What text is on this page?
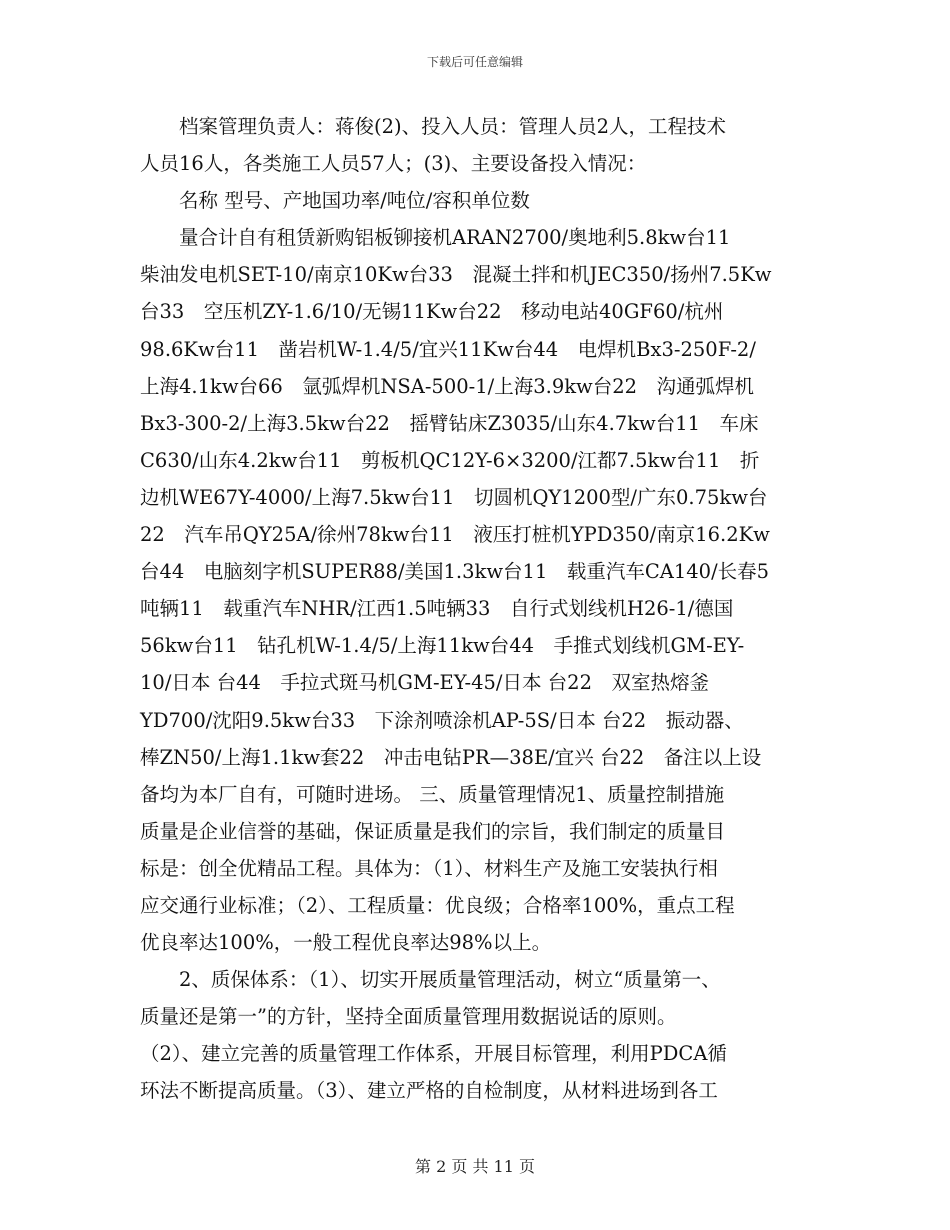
下载后可任意编辑
　　档案管理负责人：蒋俊(2)、投入人员：管理人员2人，工程技术
人员16人，各类施工人员57人；(3)、主要设备投入情况：
　　名称 型号、产地国功率/吨位/容积单位数
　　量合计自有租赁新购铝板铆接机ARAN2700/奥地利5.8kw台11
柴油发电机SET-10/南京10Kw台33　混凝土拌和机JEC350/扬州7.5Kw
台33　空压机ZY-1.6/10/无锡11Kw台22　移动电站40GF60/杭州
98.6Kw台11　凿岩机W-1.4/5/宜兴11Kw台44　电焊机Bx3-250F-2/
上海4.1kw台66　氩弧焊机NSA-500-1/上海3.9kw台22　沟通弧焊机
Bx3-300-2/上海3.5kw台22　摇臂钻床Z3035/山东4.7kw台11　车床
C630/山东4.2kw台11　剪板机QC12Y-6×3200/江都7.5kw台11　折
边机WE67Y-4000/上海7.5kw台11　切圆机QY1200型/广东0.75kw台
22　汽车吊QY25A/徐州78kw台11　液压打桩机YPD350/南京16.2Kw
台44　电脑刻字机SUPER88/美国1.3kw台11　载重汽车CA140/长春5
吨辆11　载重汽车NHR/江西1.5吨辆33　自行式划线机H26-1/德国
56kw台11　钻孔机W-1.4/5/上海11kw台44　手推式划线机GM-EY-
10/日本 台44　手拉式斑马机GM-EY-45/日本 台22　双室热熔釜
YD700/沈阳9.5kw台33　下涂剂喷涂机AP-5S/日本 台22　振动器、
棒ZN50/上海1.1kw套22　冲击电钻PR—38E/宜兴 台22　备注以上设
备均为本厂自有，可随时进场。 三、质量管理情况1、质量控制措施
质量是企业信誉的基础，保证质量是我们的宗旨，我们制定的质量目
标是：创全优精品工程。具体为：（1）、材料生产及施工安装执行相
应交通行业标准；（2）、工程质量：优良级；合格率100%，重点工程
优良率达100%，一般工程优良率达98%以上。
　　2、质保体系：（1）、切实开展质量管理活动，树立“质量第一、
质量还是第一”的方针，坚持全面质量管理用数据说话的原则。
（2）、建立完善的质量管理工作体系，开展目标管理，利用PDCA循
环法不断提高质量。（3）、建立严格的自检制度，从材料进场到各工
第 2 页 共 11 页
